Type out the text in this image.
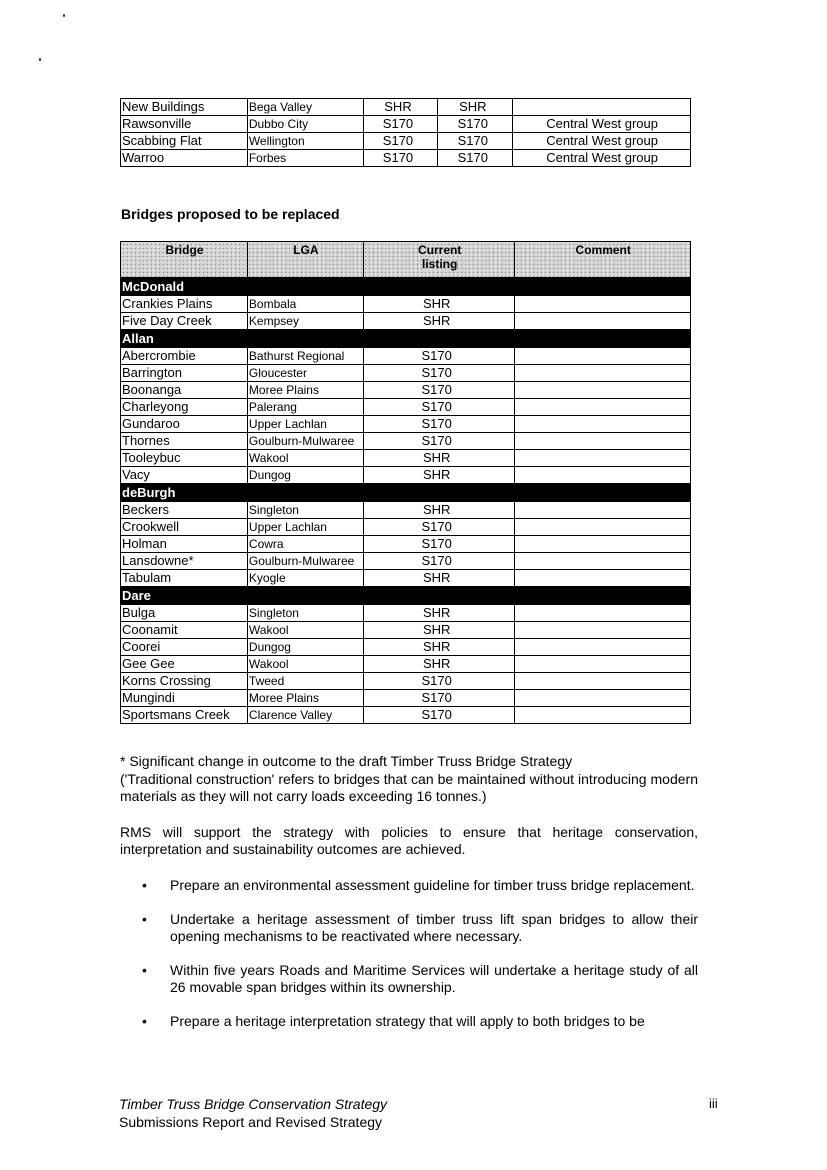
New Buildings	Bega Valley	SHR	SHR	
Rawsonville	Dubbo City	S170	S170	Central West group
Scabbing Flat	Wellington	S170	S170	Central West group
Warroo	Forbes	S170	S170	Central West group
Bridges proposed to be replaced
Bridge	LGA	Current listing	Comment
McDonald			
Crankies Plains	Bombala	SHR	
Five Day Creek	Kempsey	SHR	
Allan			
Abercrombie	Bathurst Regional	S170	
Barrington	Gloucester	S170	
Boonanga	Moree Plains	S170	
Charleyong	Palerang	S170	
Gundaroo	Upper Lachlan	S170	
Thornes	Goulburn-Mulwaree	S170	
Tooleybuc	Wakool	SHR	
Vacy	Dungog	SHR	
deBurgh			
Beckers	Singleton	SHR	
Crookwell	Upper Lachlan	S170	
Holman	Cowra	S170	
Lansdowne*	Goulburn-Mulwaree	S170	
Tabulam	Kyogle	SHR	
Dare			
Bulga	Singleton	SHR	
Coonamit	Wakool	SHR	
Coorei	Dungog	SHR	
Gee Gee	Wakool	SHR	
Korns Crossing	Tweed	S170	
Mungindi	Moree Plains	S170	
Sportsmans Creek	Clarence Valley	S170	

* Significant change in outcome to the draft Timber Truss Bridge Strategy

('Traditional construction' refers to bridges that can be maintained without introducing modern materials as they will not carry loads exceeding 16 tonnes.)

RMS will support the strategy with policies to ensure that heritage conservation, interpretation and sustainability outcomes are achieved.

• Prepare an environmental assessment guideline for timber truss bridge replacement.
• Undertake a heritage assessment of timber truss lift span bridges to allow their opening mechanisms to be reactivated where necessary.
• Within five years Roads and Maritime Services will undertake a heritage study of all 26 movable span bridges within its ownership.
• Prepare a heritage interpretation strategy that will apply to both bridges to be
Timber Truss Bridge Conservation Strategy
Submissions Report and Revised Strategy
iii
